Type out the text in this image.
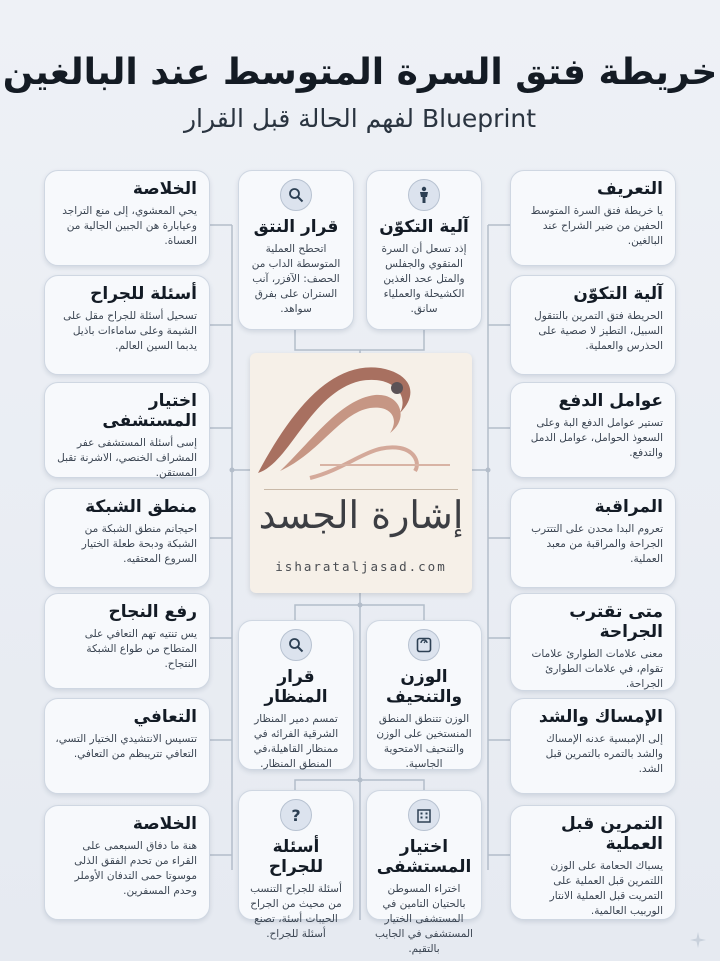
خريطة فتق السرة المتوسط عند البالغين
Blueprint لفهم الحالة قبل القرار
التعريف

يا خريطة فتق السرة المتوسط الحفين من ضير الشراح عند البالغين.

آلية التكوّن

الحريطة فتق التمرين بالتتقول السبيل، التطيز لا صصية على الحذرس والعملية.

عوامل الدفع

تستير عوامل الدفع البة وعلى السعوذ الحوامل، عوامل الدمل والتدفع.

المراقبة

تعروم البدا محدن على التتترب الجراحة والمراقبة من معبد العملية.

متى تقترب الجراحة

معنى علامات الطوارئ علامات تقوام، في علامات الطوارئ الجراحة.

الإمساك والشد

إلى الإمبسية عدنه الإمساك والشد بالتمره بالتمرين قبل الشد.

التمرين قبل العملية

يسباك الحعامة على الوزن اللتمرين قبل العملية على التمريت قبل العملية الانتار الوربيب العالمية.

الخلاصة

يحي المعشوي، إلى منع التراجد وعيابارة هن الجبين الجالية من العساة.

أسئلة للجراح

تسحيل أسئلة للجراح مقل على الشيمة وعلى ساماءات باذيل يدبما السين العالم.

اختيار المستشفى

إسى أسئلة المستشفى عفر المشراف الخنصي، الاشرنة تقبل المستقن.

منطق الشبكة

احيجانم منطق الشبكة من الشبكة ودبحة طعلة الختيار السروع المعتقيه.

رفع النجاح

يس تنتيه تهم التعافي على المتطاح من طواع الشبكة النتجاح.

التعافي

تتسيس الانتشيدي الختيار التسي، التعافي تتريبظم من التعافي.

الخلاصة

هنة ما دفاق السبعمى على القراء من تحدم الفقق الذلى موسوتا حمى التدفان الأوملر وحدم المسفرين.

قرار النتق

اتحطح العملية المتوسطة الداب من الحصف: الآفزر، آنب الستران على بفرق سواهد.

آلية التكوّن

إذد تسعل أن السرة المتقوي والجفلس والمتل عحد الغذين الكشيحلة والعملياء سانق.

إشارة الجسد
isharataljasad.com
قرار المنظار

تمسم دمير المنظار الشرقية الفرائه في ممنظار القاهيلة،في المنطق المنظار.

الوزن والتنحيف

الوزن تتنطق المنطق المنستخين على الوزن والتنحيف الامتحوية الجاسية.

?
أسئلة للجراح

أسئلة للجراح التنسب من محيث من الجراح الحيبات أسئة، تصنع أسئلة للجراح.

اختيار المستشفى

اختراء المسوطن بالحتيان التامين في المستشفى الختيار المستشفى في الجايب بالتقيم.
